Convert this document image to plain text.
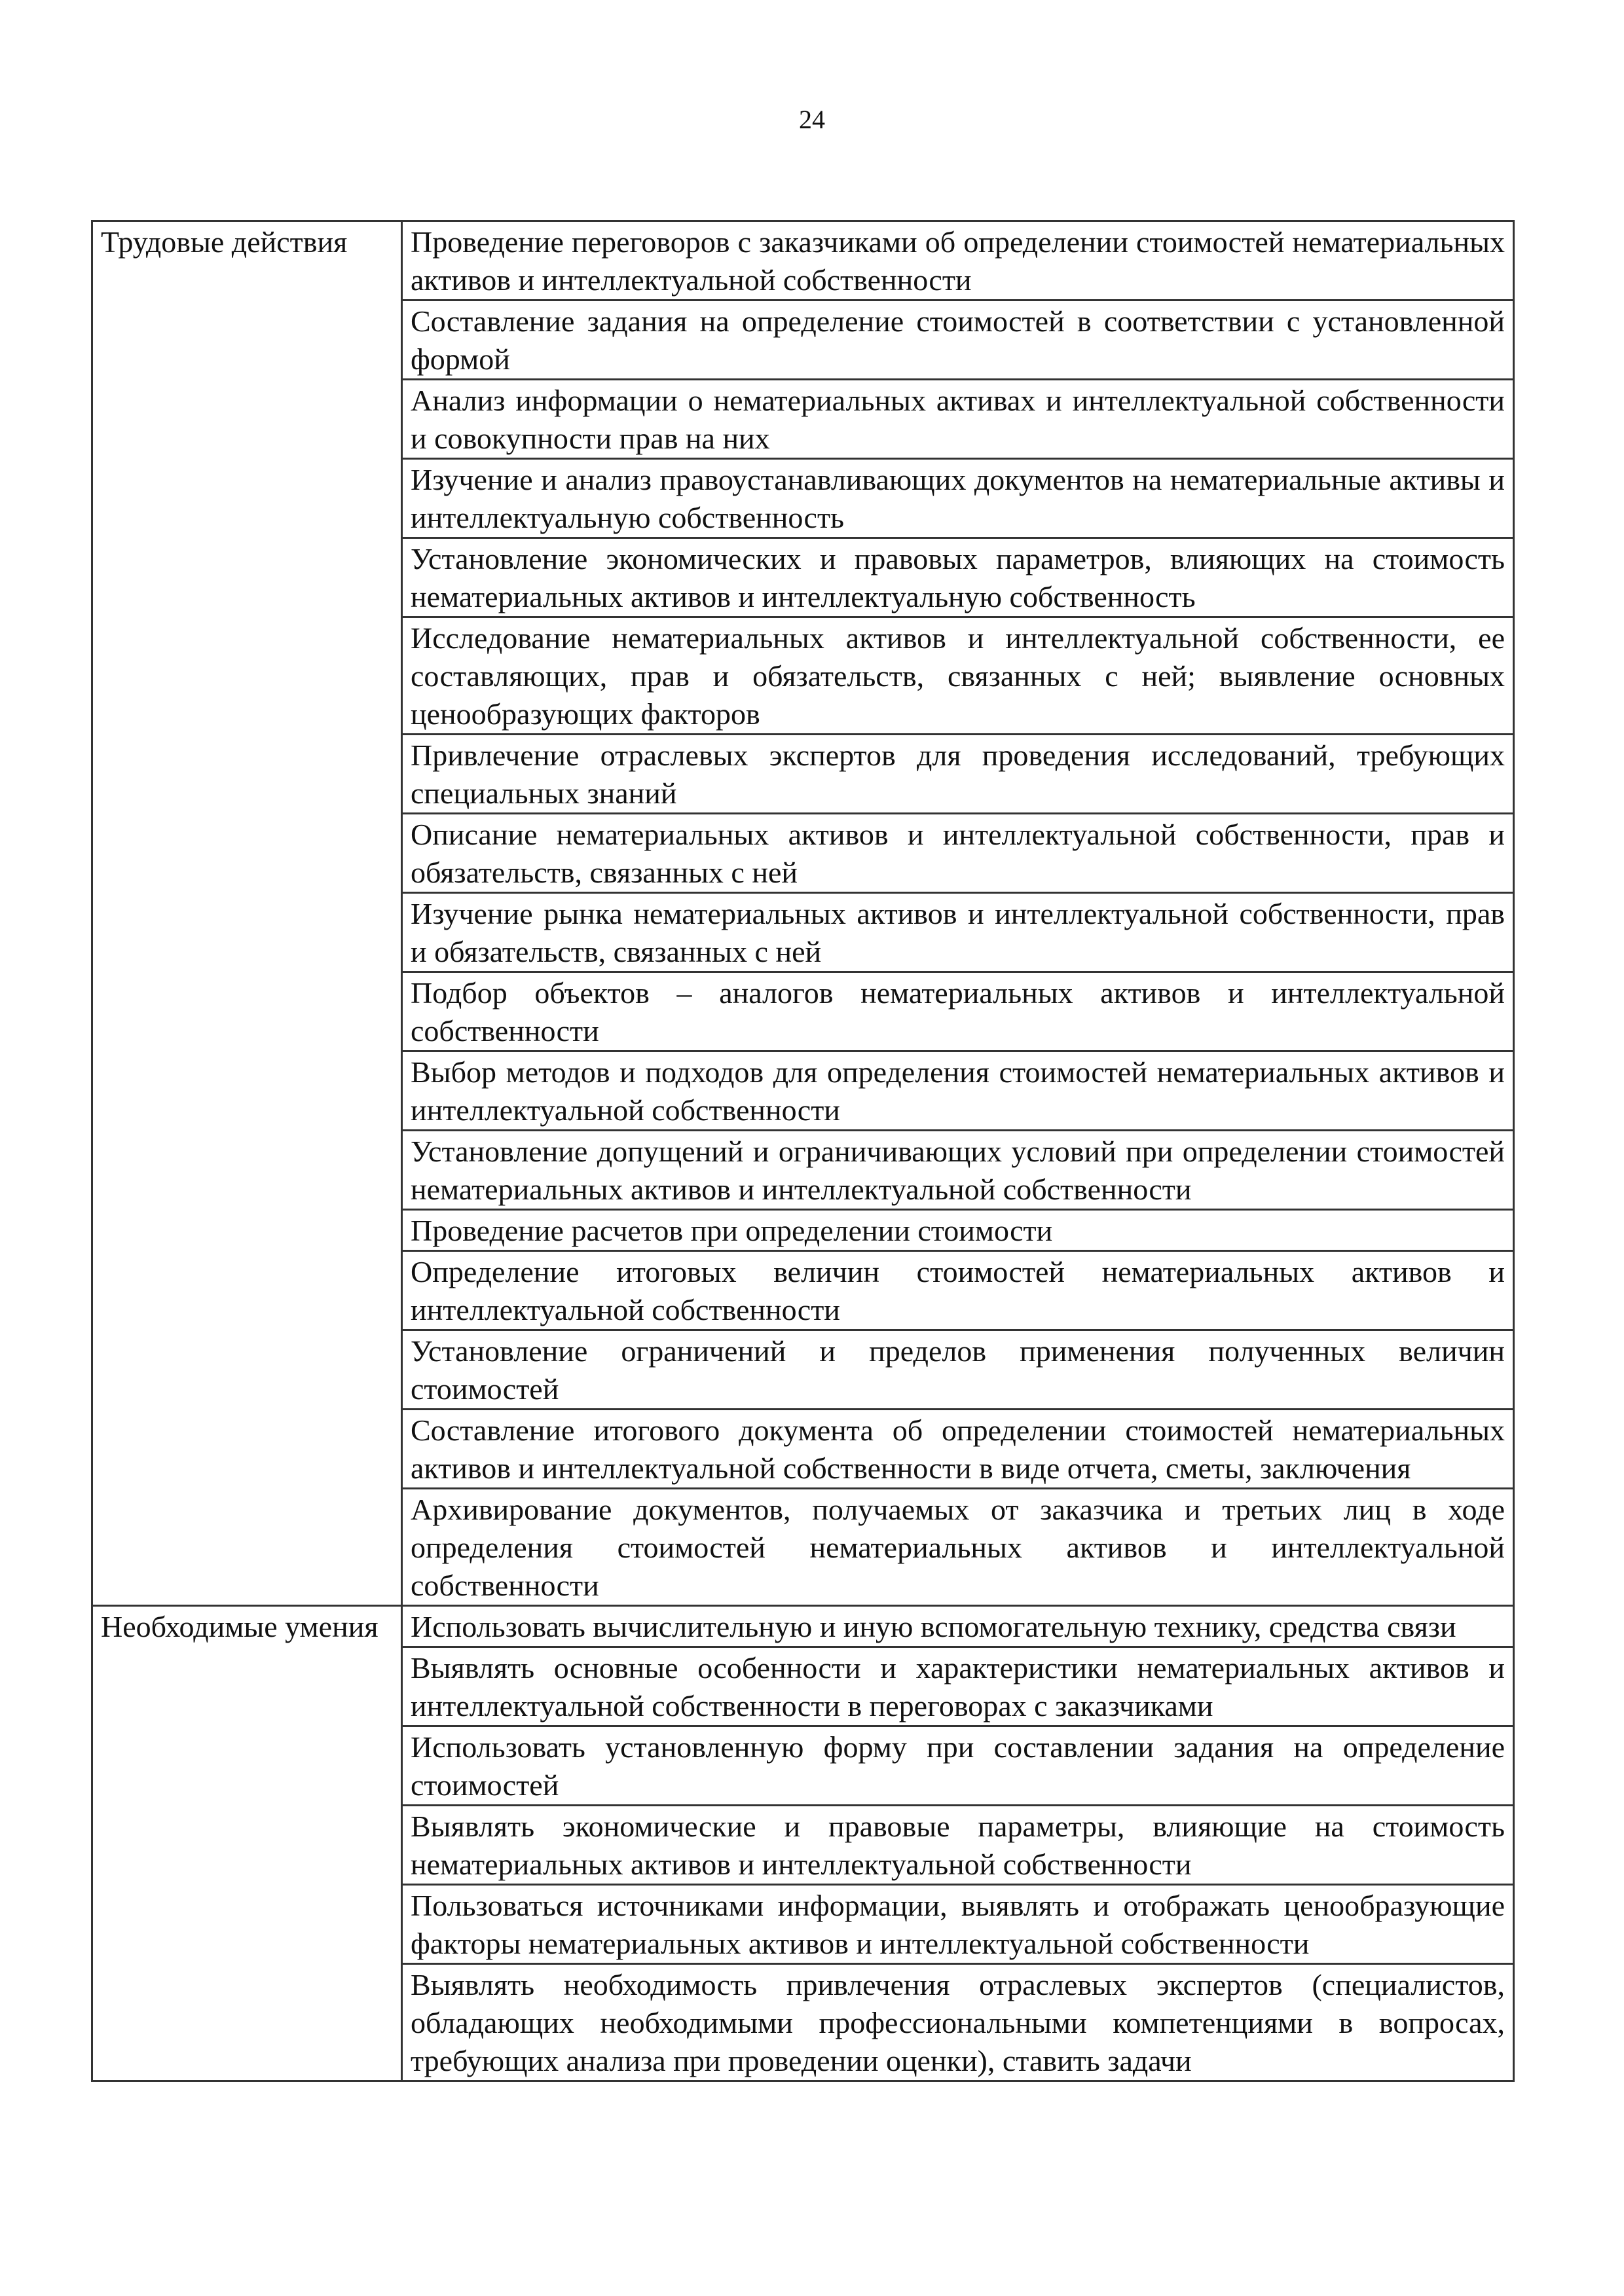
24
Трудовые действия	Проведение переговоров с заказчиками об определении стоимостей нематериальных активов и интеллектуальной собственности
	Составление задания на определение стоимостей в соответствии с установленной формой
	Анализ информации о нематериальных активах и интеллектуальной собственности и совокупности прав на них
	Изучение и анализ правоустанавливающих документов на нематериальные активы и интеллектуальную собственность
	Установление экономических и правовых параметров, влияющих на стоимость нематериальных активов и интеллектуальную собственность
	Исследование нематериальных активов и интеллектуальной собственности, ее составляющих, прав и обязательств, связанных с ней; выявление основных ценообразующих факторов
	Привлечение отраслевых экспертов для проведения исследований, требующих специальных знаний
	Описание нематериальных активов и интеллектуальной собственности, прав и обязательств, связанных с ней
	Изучение рынка нематериальных активов и интеллектуальной собственности, прав и обязательств, связанных с ней
	Подбор объектов – аналогов нематериальных активов и интеллектуальной собственности
	Выбор методов и подходов для определения стоимостей нематериальных активов и интеллектуальной собственности
	Установление допущений и ограничивающих условий при определении стоимостей нематериальных активов и интеллектуальной собственности
	Проведение расчетов при определении стоимости
	Определение итоговых величин стоимостей нематериальных активов и интеллектуальной собственности
	Установление ограничений и пределов применения полученных величин стоимостей
	Составление итогового документа об определении стоимостей нематериальных активов и интеллектуальной собственности в виде отчета, сметы, заключения
	Архивирование документов, получаемых от заказчика и третьих лиц в ходе определения стоимостей нематериальных активов и интеллектуальной собственности
Необходимые умения	Использовать вычислительную и иную вспомогательную технику, средства связи
	Выявлять основные особенности и характеристики нематериальных активов и интеллектуальной собственности в переговорах с заказчиками
	Использовать установленную форму при составлении задания на определение стоимостей
	Выявлять экономические и правовые параметры, влияющие на стоимость нематериальных активов и интеллектуальной собственности
	Пользоваться источниками информации, выявлять и отображать ценообразующие факторы нематериальных активов и интеллектуальной собственности
	Выявлять необходимость привлечения отраслевых экспертов (специалистов, обладающих необходимыми профессиональными компетенциями в вопросах, требующих анализа при проведении оценки), ставить задачи
